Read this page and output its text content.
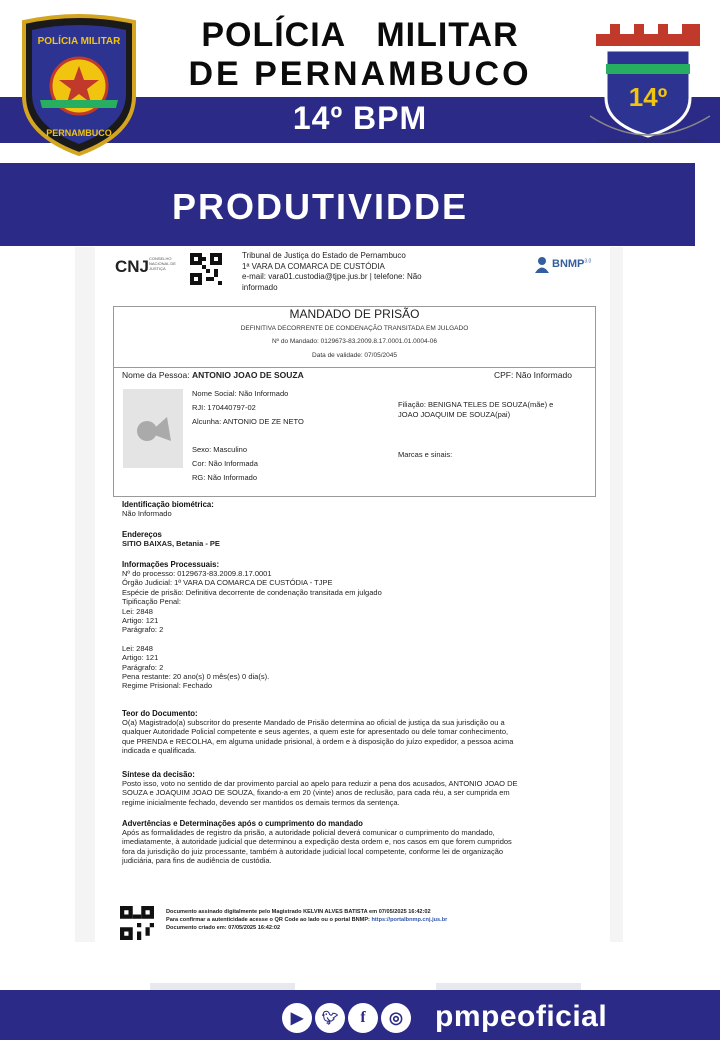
POLÍCIA MILITAR
PERNAMBUCO
POLÍCIA   MILITAR
DE PERNAMBUCO
14º BPM
14º
BATALHÃO CEL PM. MANOEL DE SOUZA FERRAZ
PRODUTIVIDDE
CNJ CONSELHO NACIONAL DE JUSTIÇA
Tribunal de Justiça do Estado de Pernambuco
1ª VARA DA COMARCA DE CUSTÓDIA
e-mail: vara01.custodia@tjpe.jus.br | telefone: Não
informado
$BNMP^{3.0}$
MANDADO DE PRISÃO
DEFINITIVA DECORRENTE DE CONDENAÇÃO TRANSITADA EM JULGADO
Nº do Mandado: 0129673-83.2009.8.17.0001.01.0004-06
Data de validade: 07/05/2045
Nome da Pessoa: ANTONIO JOAO DE SOUZA	CPF: Não Informado
Nome Social: Não Informado
RJI: 170440797-02
Alcunha: ANTONIO DE ZE NETO
Filiação: BENIGNA TELES DE SOUZA(mãe) e
JOAO JOAQUIM DE SOUZA(pai)
Sexo: Masculino
Cor: Não Informada
RG: Não Informado
Marcas e sinais:
Identificação biométrica:
Não Informado
Endereços
SITIO BAIXAS, Betania - PE
Informações Processuais:
Nº do processo: 0129673-83.2009.8.17.0001
Órgão Judicial: 1ª VARA DA COMARCA DE CUSTÓDIA - TJPE
Espécie de prisão: Definitiva decorrente de condenação transitada em julgado
Tipificação Penal:
Lei: 2848
Artigo: 121
Parágrafo: 2
Lei: 2848
Artigo: 121
Parágrafo: 2
Pena restante: 20 ano(s) 0 mês(es) 0 dia(s).
Regime Prisional: Fechado
Teor do Documento:
O(a) Magistrado(a) subscritor do presente Mandado de Prisão determina ao oficial de justiça da sua jurisdição ou a
qualquer Autoridade Policial competente e seus agentes, a quem este for apresentado ou dele tomar conhecimento,
que PRENDA e RECOLHA, em alguma unidade prisional, à ordem e à disposição do juízo expedidor, a pessoa acima
indicada e qualificada.
Síntese da decisão:
Posto isso, voto no sentido de dar provimento parcial ao apelo para reduzir a pena dos acusados, ANTONIO JOAO DE
SOUZA e JOAQUIM JOAO DE SOUZA, fixando-a em 20 (vinte) anos de reclusão, para cada réu, a ser cumprida em
regime inicialmente fechado, devendo ser mantidos os demais termos da sentença.
Advertências e Determinações após o cumprimento do mandado
Após as formalidades de registro da prisão, a autoridade policial deverá comunicar o cumprimento do mandado,
imediatamente, à autoridade judicial que determinou a expedição desta ordem e, nos casos em que forem cumpridos
fora da jurisdição do juiz processante, também à autoridade judicial local competente, conforme lei de organização
judiciária, para fins de audiência de custódia.
Documento assinado digitalmente pelo Magistrado KELVIN ALVES BATISTA em 07/05/2025 16:42:02
Para confirmar a autenticidade acesse o QR Code ao lado ou o portal BNMP: https://portalbnmp.cnj.jus.br
Documento criado em: 07/05/2025 16:42:02
▶	🐦︎	f	◎ pmpeoficial
